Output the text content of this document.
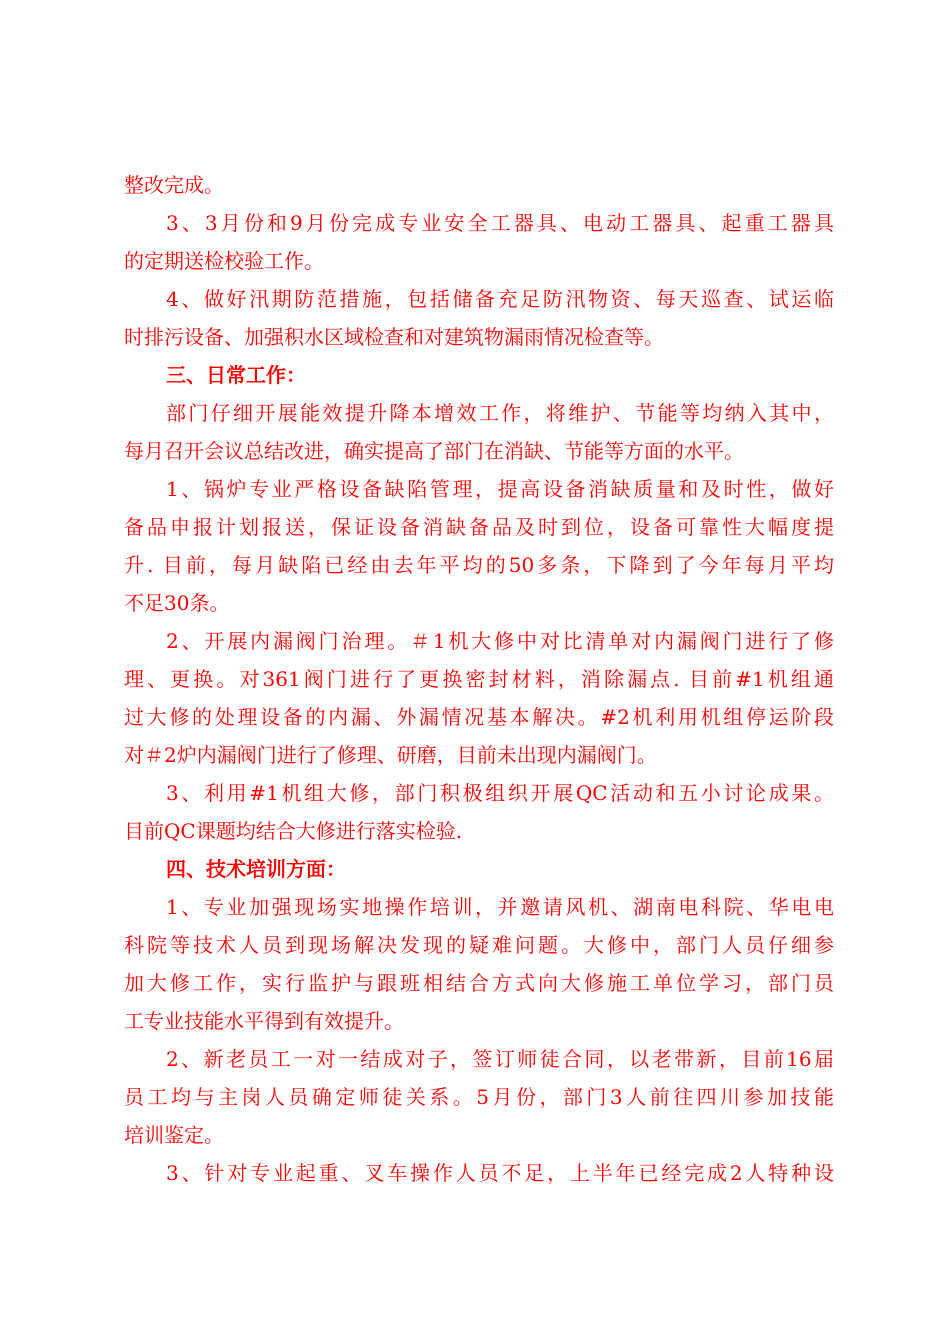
整改完成。
3、3月份和9月份完成专业安全工器具、电动工器具、起重工器具
的定期送检校验工作。
4、做好汛期防范措施，包括储备充足防汛物资、每天巡查、试运临
时排污设备、加强积水区域检查和对建筑物漏雨情况检查等。
三、日常工作：
部门仔细开展能效提升降本增效工作，将维护、节能等均纳入其中，
每月召开会议总结改进，确实提高了部门在消缺、节能等方面的水平。
1、锅炉专业严格设备缺陷管理，提高设备消缺质量和及时性，做好
备品申报计划报送，保证设备消缺备品及时到位，设备可靠性大幅度提
升. 目前，每月缺陷已经由去年平均的50多条，下降到了今年每月平均
不足30条。
2、开展内漏阀门治理。＃1机大修中对比清单对内漏阀门进行了修
理、更换。对361阀门进行了更换密封材料，消除漏点. 目前#1机组通
过大修的处理设备的内漏、外漏情况基本解决。#2机利用机组停运阶段
对＃2炉内漏阀门进行了修理、研磨，目前未出现内漏阀门。
3、利用#1机组大修，部门积极组织开展QC活动和五小讨论成果。
目前QC课题均结合大修进行落实检验.
四、技术培训方面：
1、专业加强现场实地操作培训，并邀请风机、湖南电科院、华电电
科院等技术人员到现场解决发现的疑难问题。大修中，部门人员仔细参
加大修工作，实行监护与跟班相结合方式向大修施工单位学习，部门员
工专业技能水平得到有效提升。
2、新老员工一对一结成对子，签订师徒合同，以老带新，目前16届
员工均与主岗人员确定师徒关系。5月份，部门3人前往四川参加技能
培训鉴定。
3、针对专业起重、叉车操作人员不足，上半年已经完成2人特种设
